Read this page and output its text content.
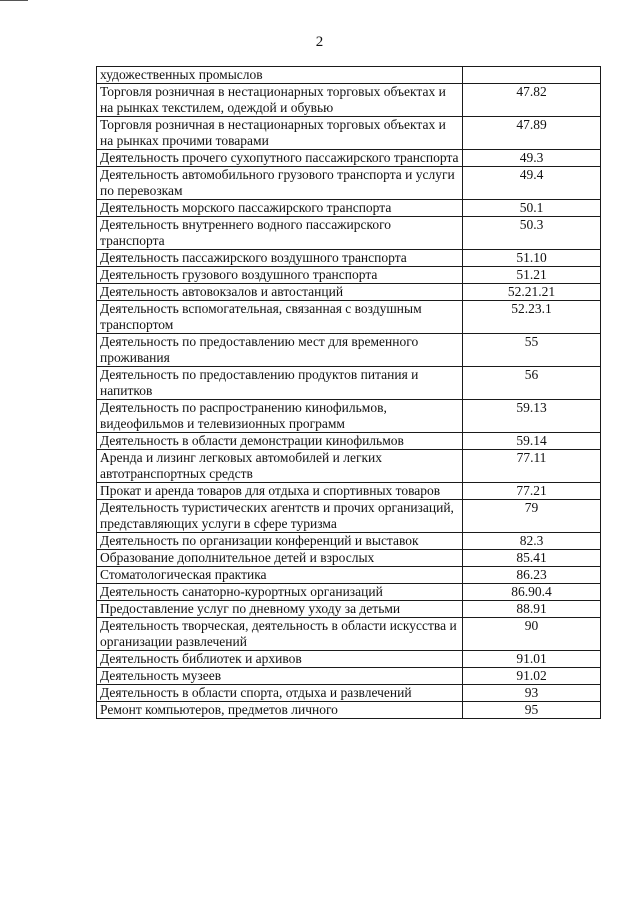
2
художественных промыслов	
Торговля розничная в нестационарных торговых объектах и на рынках текстилем, одеждой и обувью	47.82
Торговля розничная в нестационарных торговых объектах и на рынках прочими товарами	47.89
Деятельность прочего сухопутного пассажирского транспорта	49.3
Деятельность автомобильного грузового транспорта и услуги по перевозкам	49.4
Деятельность морского пассажирского транспорта	50.1
Деятельность внутреннего водного пассажирского транспорта	50.3
Деятельность пассажирского воздушного транспорта	51.10
Деятельность грузового воздушного транспорта	51.21
Деятельность автовокзалов и автостанций	52.21.21
Деятельность вспомогательная, связанная с воздушным транспортом	52.23.1
Деятельность по предоставлению мест для временного проживания	55
Деятельность по предоставлению продуктов питания и напитков	56
Деятельность по распространению кинофильмов, видеофильмов и телевизионных программ	59.13
Деятельность в области демонстрации кинофильмов	59.14
Аренда и лизинг легковых автомобилей и легких автотранспортных средств	77.11
Прокат и аренда товаров для отдыха и спортивных товаров	77.21
Деятельность туристических агентств и прочих организаций, представляющих услуги в сфере туризма	79
Деятельность по организации конференций и выставок	82.3
Образование дополнительное детей и взрослых	85.41
Стоматологическая практика	86.23
Деятельность санаторно-курортных организаций	86.90.4
Предоставление услуг по дневному уходу за детьми	88.91
Деятельность творческая, деятельность в области искусства и организации развлечений	90
Деятельность библиотек и архивов	91.01
Деятельность музеев	91.02
Деятельность в области спорта, отдыха и развлечений	93
Ремонт компьютеров, предметов личного	95
